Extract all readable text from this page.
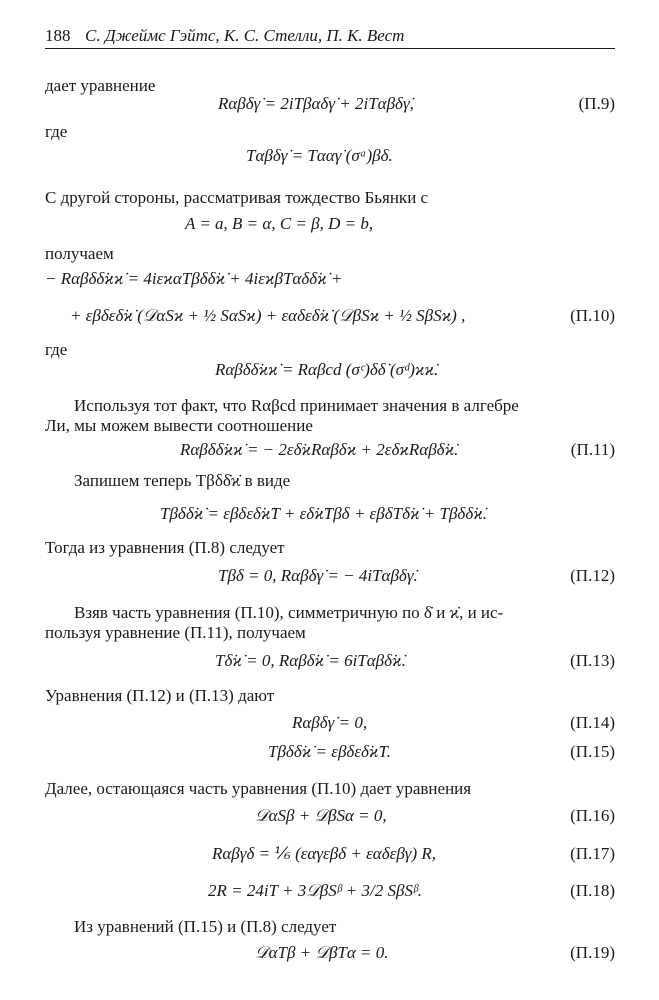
188 С. Джеймс Гэйтс, К. С. Стелли, П. К. Вест
дает уравнение
Rαβδγ̇ = 2iTβαδγ̇ + 2iTαβδγ̇,	(П.9)
где
Tαβδγ̇ = Tααγ̇ (σᵃ)βδ.
С другой стороны, рассматривая тождество Бьянки с
A = a, B = α, C = β, D = b,
получаем
− Rαβδδ̇ϰϰ̇ = 4iεϰαTβδδ̇ϰ̇ + 4iεϰβTαδδ̇ϰ̇ +
+ εβδεδ̇ϰ̇ (𝒟αSϰ + ½ SαSϰ) + εαδεδ̇ϰ̇ (𝒟βSϰ + ½ SβSϰ) ,	(П.10)
где
Rαβδδ̇ϰϰ̇ = Rαβcd (σᶜ)δδ̇ (σᵈ)ϰϰ̇.
Используя тот факт, что Rαβcd принимает значения в алгебре
Ли, мы можем вывести соотношение
Rαβδδ̇ϰϰ̇ = − 2εδ̇ϰ̇Rαβδϰ + 2εδϰRαβδ̇ϰ̇.	(П.11)
Запишем теперь Tβδδ̇ϰ̇ в виде
Tβδδ̇ϰ̇ = εβδεδ̇ϰ̇T + εδ̇ϰ̇Tβδ + εβδTδ̇ϰ̇ + Tβδδ̇ϰ̇.
Тогда из уравнения (П.8) следует
Tβδ = 0, Rαβδγ̇ = − 4iTαβδγ̇.	(П.12)
Взяв часть уравнения (П.10), симметричную по δ̇ и ϰ̇, и ис-
пользуя уравнение (П.11), получаем
Tδ̇ϰ̇ = 0, Rαβδ̇ϰ̇ = 6iTαβδ̇ϰ̇.	(П.13)
Уравнения (П.12) и (П.13) дают
Rαβδγ̇ = 0,	(П.14)
Tβδδ̇ϰ̇ = εβδεδ̇ϰ̇T.	(П.15)
Далее, остающаяся часть уравнения (П.10) дает уравнения
𝒟αSβ + 𝒟βSα = 0,	(П.16)
Rαβγδ = ⅙ (εαγεβδ + εαδεβγ) R,	(П.17)
2R = 24iT + 3𝒟βSᵝ + 3/2 SβSᵝ.	(П.18)
Из уравнений (П.15) и (П.8) следует
𝒟αTβ + 𝒟βTα = 0.	(П.19)
